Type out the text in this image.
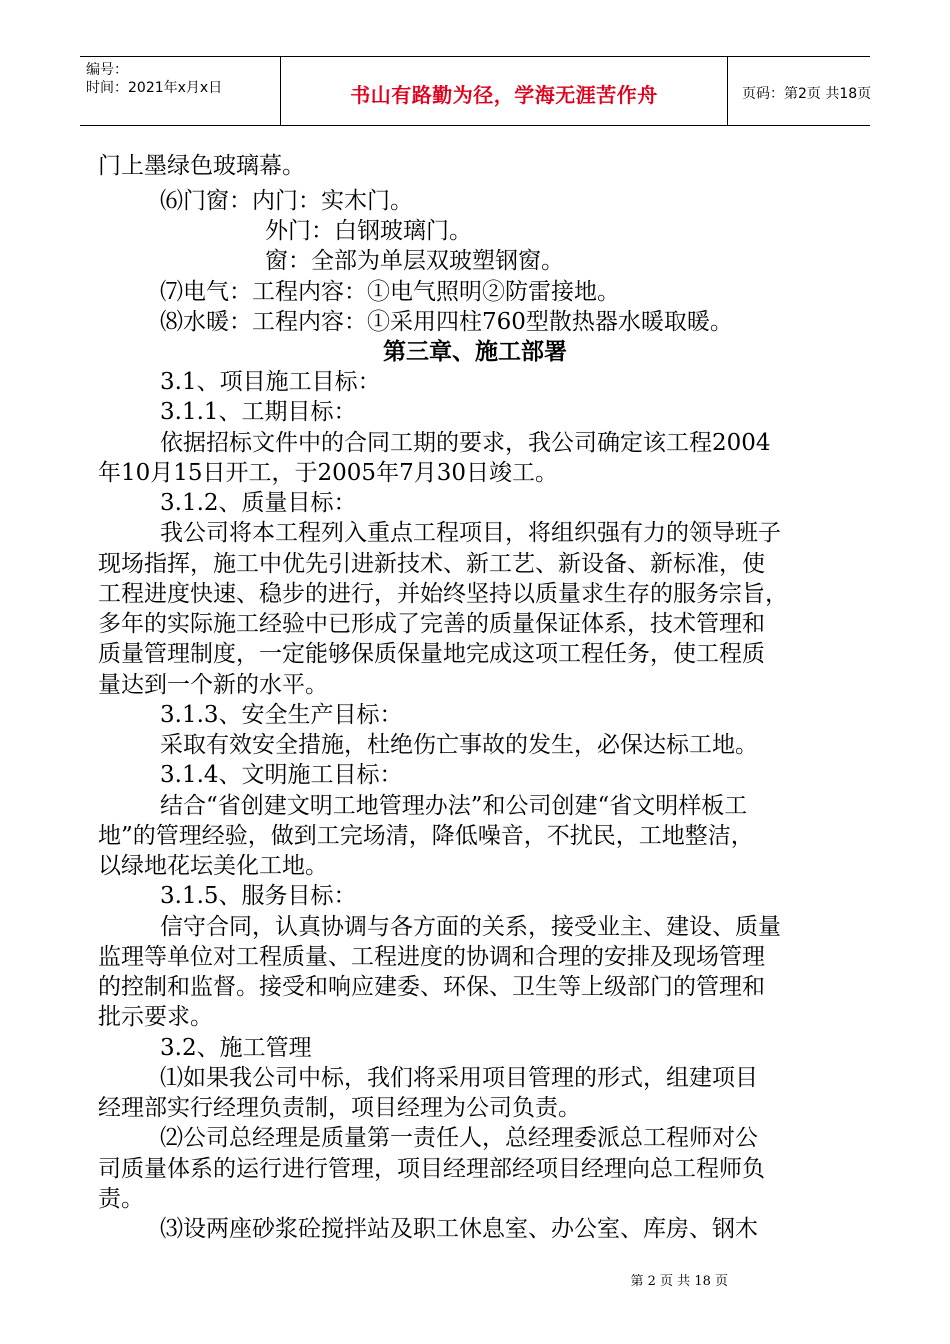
编号：
时间：2021年x月x日	书山有路勤为径，学海无涯苦作舟	页码：第2页 共18页
门上墨绿色玻璃幕。
⑹门窗：内门：实木门。
外门：白钢玻璃门。
窗：全部为单层双玻塑钢窗。
⑺电气：工程内容：①电气照明②防雷接地。
⑻水暖：工程内容：①采用四柱760型散热器水暖取暖。
第三章、施工部署
3.1、项目施工目标：
3.1.1、工期目标：
依据招标文件中的合同工期的要求，我公司确定该工程2004
年10月15日开工，于2005年7月30日竣工。
3.1.2、质量目标：
我公司将本工程列入重点工程项目，将组织强有力的领导班子
现场指挥，施工中优先引进新技术、新工艺、新设备、新标准，使
工程进度快速、稳步的进行，并始终坚持以质量求生存的服务宗旨，
多年的实际施工经验中已形成了完善的质量保证体系，技术管理和
质量管理制度，一定能够保质保量地完成这项工程任务，使工程质
量达到一个新的水平。
3.1.3、安全生产目标：
采取有效安全措施，杜绝伤亡事故的发生，必保达标工地。
3.1.4、文明施工目标：
结合“省创建文明工地管理办法”和公司创建“省文明样板工
地”的管理经验，做到工完场清，降低噪音，不扰民，工地整洁，
以绿地花坛美化工地。
3.1.5、服务目标：
信守合同，认真协调与各方面的关系，接受业主、建设、质量
监理等单位对工程质量、工程进度的协调和合理的安排及现场管理
的控制和监督。接受和响应建委、环保、卫生等上级部门的管理和
批示要求。
3.2、施工管理
⑴如果我公司中标，我们将采用项目管理的形式，组建项目
经理部实行经理负责制，项目经理为公司负责。
⑵公司总经理是质量第一责任人，总经理委派总工程师对公
司质量体系的运行进行管理，项目经理部经项目经理向总工程师负
责。
⑶设两座砂浆砼搅拌站及职工休息室、办公室、库房、钢木
第 2 页 共 18 页
